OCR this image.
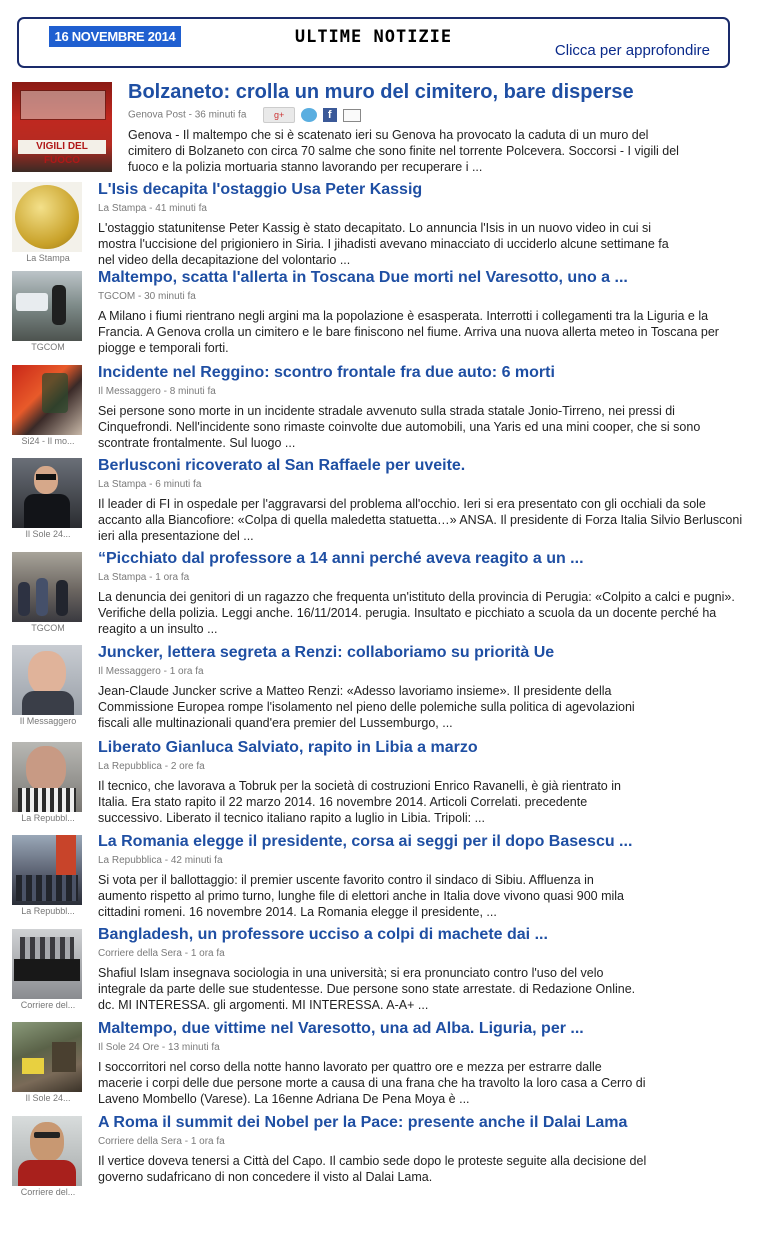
16 NOVEMBRE 2014	ULTIME NOTIZIE
Clicca per approfondire
VIGILI DEL FUOCO
Bolzaneto: crolla un muro del cimitero, bare disperse
Genova Post - 36 minuti fa	g+	f
Genova - Il maltempo che si è scatenato ieri su Genova ha provocato la caduta di un muro del
cimitero di Bolzaneto con circa 70 salme che sono finite nel torrente Polcevera. Soccorsi - I vigili del
fuoco e la polizia mortuaria stanno lavorando per recuperare i ...
La Stampa
L'Isis decapita l'ostaggio Usa Peter Kassig
La Stampa - 41 minuti fa
L'ostaggio statunitense Peter Kassig è stato decapitato. Lo annuncia l'Isis in un nuovo video in cui si
mostra l'uccisione del prigioniero in Siria. I jihadisti avevano minacciato di ucciderlo alcune settimane fa
nel video della decapitazione del volontario ...
TGCOM
Maltempo, scatta l'allerta in Toscana Due morti nel Varesotto, uno a ...
TGCOM - 30 minuti fa
A Milano i fiumi rientrano negli argini ma la popolazione è esasperata. Interrotti i collegamenti tra la Liguria e la
Francia. A Genova crolla un cimitero e le bare finiscono nel fiume. Arriva una nuova allerta meteo in Toscana per
piogge e temporali forti.
Si24 - Il mo...
Incidente nel Reggino: scontro frontale fra due auto: 6 morti
Il Messaggero - 8 minuti fa
Sei persone sono morte in un incidente stradale avvenuto sulla strada statale Jonio-Tirreno, nei pressi di
Cinquefrondi. Nell'incidente sono rimaste coinvolte due automobili, una Yaris ed una mini cooper, che si sono
scontrate frontalmente. Sul luogo ...
Il Sole 24...
Berlusconi ricoverato al San Raffaele per uveite.
La Stampa - 6 minuti fa
Il leader di FI in ospedale per l'aggravarsi del problema all'occhio. Ieri si era presentato con gli occhiali da sole
accanto alla Biancofiore: «Colpa di quella maledetta statuetta…» ANSA. Il presidente di Forza Italia Silvio Berlusconi
ieri alla presentazione del ...
TGCOM
“Picchiato dal professore a 14 anni perché aveva reagito a un ...
La Stampa - 1 ora fa
La denuncia dei genitori di un ragazzo che frequenta un'istituto della provincia di Perugia: «Colpito a calci e pugni».
Verifiche della polizia. Leggi anche. 16/11/2014. perugia. Insultato e picchiato a scuola da un docente perché ha
reagito a un insulto ...
Il Messaggero
Juncker, lettera segreta a Renzi: collaboriamo su priorità Ue
Il Messaggero - 1 ora fa
Jean-Claude Juncker scrive a Matteo Renzi: «Adesso lavoriamo insieme». Il presidente della
Commissione Europea rompe l'isolamento nel pieno delle polemiche sulla politica di agevolazioni
fiscali alle multinazionali quand'era premier del Lussemburgo, ...
La Repubbl...
Liberato Gianluca Salviato, rapito in Libia a marzo
La Repubblica - 2 ore fa
Il tecnico, che lavorava a Tobruk per la società di costruzioni Enrico Ravanelli, è già rientrato in
Italia. Era stato rapito il 22 marzo 2014. 16 novembre 2014. Articoli Correlati. precedente
successivo. Liberato il tecnico italiano rapito a luglio in Libia. Tripoli: ...
La Repubbl...
La Romania elegge il presidente, corsa ai seggi per il dopo Basescu ...
La Repubblica - 42 minuti fa
Si vota per il ballottaggio: il premier uscente favorito contro il sindaco di Sibiu. Affluenza in
aumento rispetto al primo turno, lunghe file di elettori anche in Italia dove vivono quasi 900 mila
cittadini romeni. 16 novembre 2014. La Romania elegge il presidente, ...
Corriere del...
Bangladesh, un professore ucciso a colpi di machete dai ...
Corriere della Sera - 1 ora fa
Shafiul Islam insegnava sociologia in una università; si era pronunciato contro l'uso del velo
integrale da parte delle sue studentesse. Due persone sono state arrestate. di Redazione Online.
dc. MI INTERESSA. gli argomenti. MI INTERESSA. A-A+ ...
Il Sole 24...
Maltempo, due vittime nel Varesotto, una ad Alba. Liguria, per ...
Il Sole 24 Ore - 13 minuti fa
I soccorritori nel corso della notte hanno lavorato per quattro ore e mezza per estrarre dalle
macerie i corpi delle due persone morte a causa di una frana che ha travolto la loro casa a Cerro di
Laveno Mombello (Varese). La 16enne Adriana De Pena Moya è ...
Corriere del...
A Roma il summit dei Nobel per la Pace: presente anche il Dalai Lama
Corriere della Sera - 1 ora fa
Il vertice doveva tenersi a Città del Capo. Il cambio sede dopo le proteste seguite alla decisione del
governo sudafricano di non concedere il visto al Dalai Lama.
